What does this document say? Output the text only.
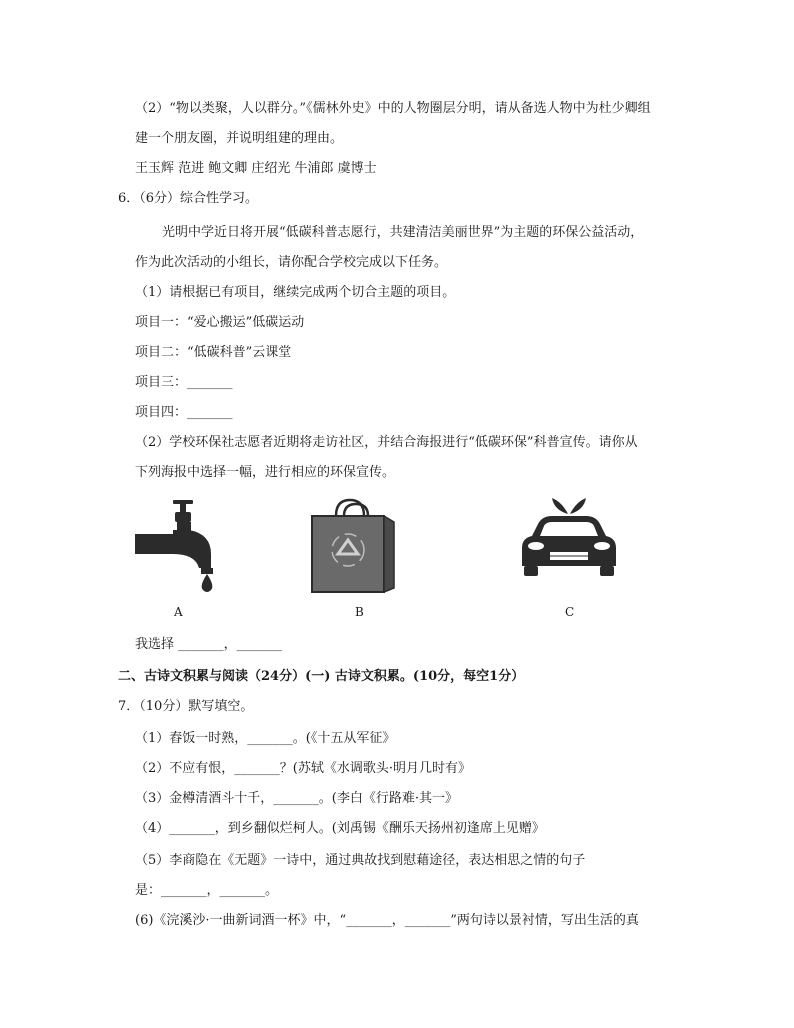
（2）“物以类聚，人以群分。”《儒林外史》中的人物圈层分明，请从备选人物中为杜少卿组
建一个朋友圈，并说明组建的理由。
王玉辉 范进 鲍文卿 庄绍光 牛浦郎 虞博士
6．（6分）综合性学习。
光明中学近日将开展“低碳科普志愿行，共建清洁美丽世界”为主题的环保公益活动，
作为此次活动的小组长，请你配合学校完成以下任务。
（1）请根据已有项目，继续完成两个切合主题的项目。
项目一：“爱心搬运”低碳运动
项目二：“低碳科普”云课堂
项目三：_______
项目四：_______
（2）学校环保社志愿者近期将走访社区，并结合海报进行“低碳环保”科普宣传。请你从
下列海报中选择一幅，进行相应的环保宣传。
A	B	C
我选择 _______，_______
二、古诗文积累与阅读（24分）(一) 古诗文积累。(10分，每空1分）
7．（10分）默写填空。
（1）舂饭一时熟，_______。(《十五从军征》
（2）不应有恨，_______？(苏轼《水调歌头·明月几时有》
（3）金樽清酒斗十千，_______。(李白《行路难·其一》
（4）_______，到乡翻似烂柯人。(刘禹锡《酬乐天扬州初逢席上见赠》
（5）李商隐在《无题》一诗中，通过典故找到慰藉途径，表达相思之情的句子
是：_______，_______。
(6)《浣溪沙·一曲新词酒一杯》中，“_______，_______”两句诗以景衬情，写出生活的真
